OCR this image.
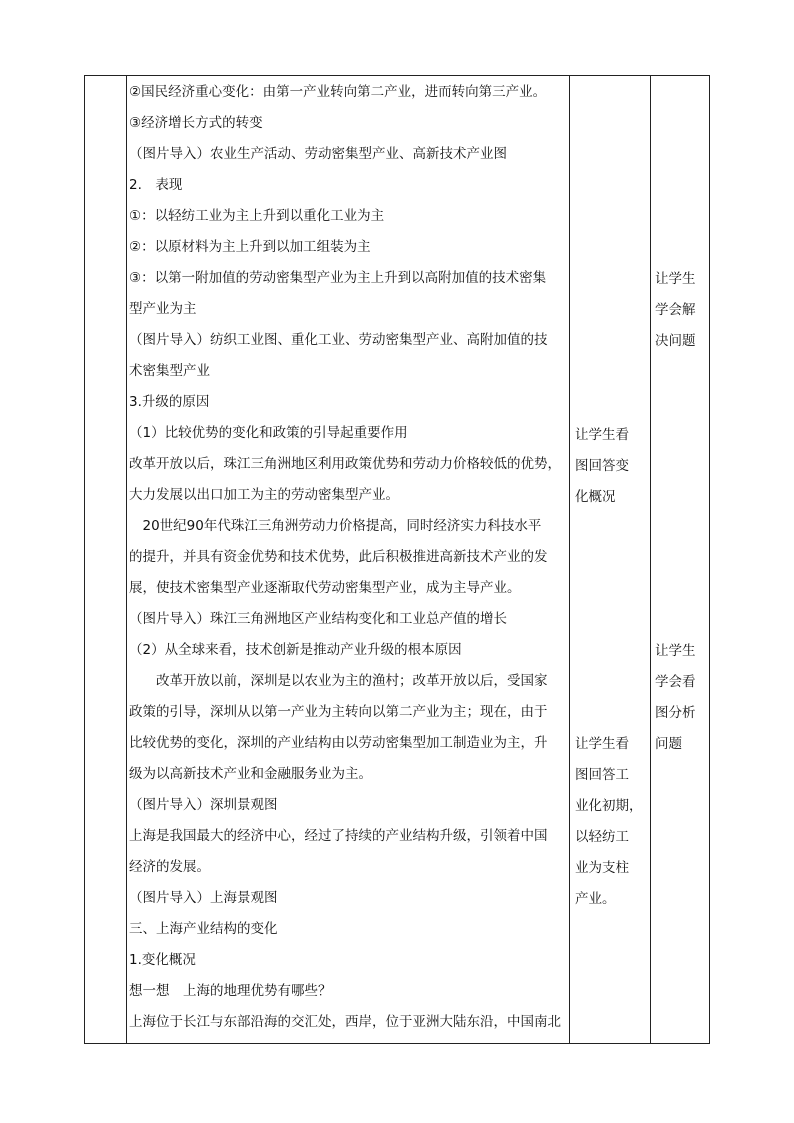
②国民经济重心变化：由第一产业转向第二产业，进而转向第三产业。
③经济增长方式的转变
（图片导入）农业生产活动、劳动密集型产业、高新技术产业图
2.　表现
①：以轻纺工业为主上升到以重化工业为主
②：以原材料为主上升到以加工组装为主
③：以第一附加值的劳动密集型产业为主上升到以高附加值的技术密集
型产业为主
（图片导入）纺织工业图、重化工业、劳动密集型产业、高附加值的技
术密集型产业
3.升级的原因
（1）比较优势的变化和政策的引导起重要作用
改革开放以后，珠江三角洲地区利用政策优势和劳动力价格较低的优势，
大力发展以出口加工为主的劳动密集型产业。
　20世纪90年代珠江三角洲劳动力价格提高，同时经济实力科技水平
的提升，并具有资金优势和技术优势，此后积极推进高新技术产业的发
展，使技术密集型产业逐渐取代劳动密集型产业，成为主导产业。
（图片导入）珠江三角洲地区产业结构变化和工业总产值的增长
（2）从全球来看，技术创新是推动产业升级的根本原因
　　改革开放以前，深圳是以农业为主的渔村；改革开放以后，受国家
政策的引导，深圳从以第一产业为主转向以第二产业为主；现在，由于
比较优势的变化，深圳的产业结构由以劳动密集型加工制造业为主，升
级为以高新技术产业和金融服务业为主。
（图片导入）深圳景观图
上海是我国最大的经济中心，经过了持续的产业结构升级，引领着中国
经济的发展。
（图片导入）上海景观图
三、上海产业结构的变化
1.变化概况
想一想　上海的地理优势有哪些？
上海位于长江与东部沿海的交汇处，西岸，位于亚洲大陆东沿，中国南北
让学生看
图回答变
化概况
让学生看
图回答工
业化初期，
以轻纺工
业为支柱
产业。
让学生
学会解
决问题
让学生
学会看
图分析
问题
